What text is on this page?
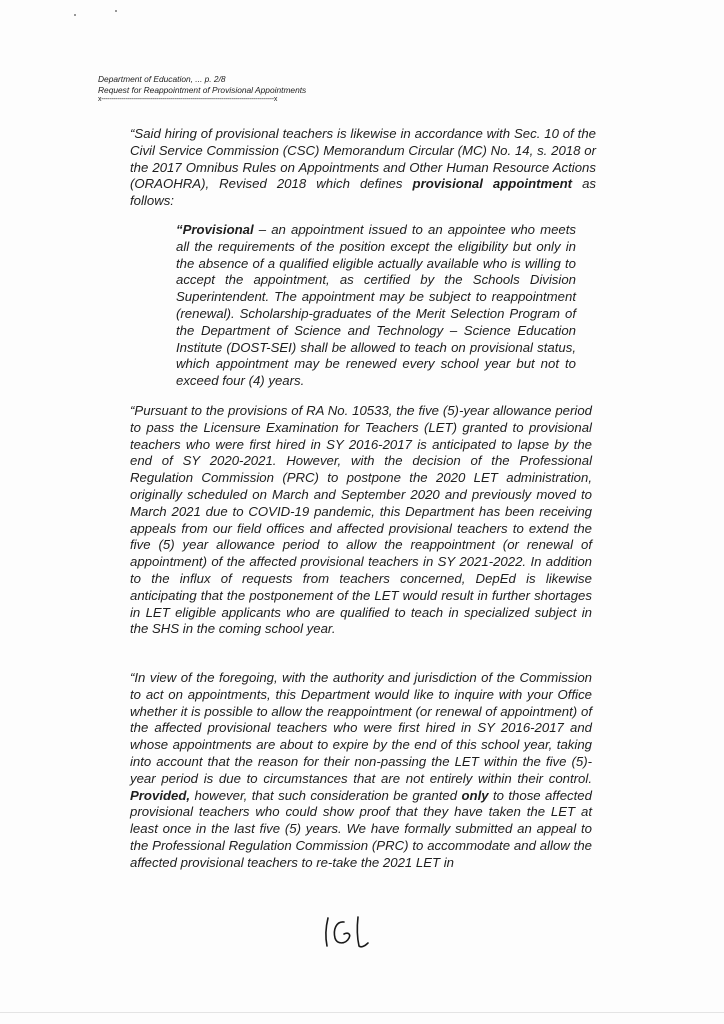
Department of Education, ... p. 2/8
Request for Reappointment of Provisional Appointments
x-------------------------------------------------------------------------------------x
“Said hiring of provisional teachers is likewise in accordance with Sec. 10 of the Civil Service Commission (CSC) Memorandum Circular (MC) No. 14, s. 2018 or the 2017 Omnibus Rules on Appointments and Other Human Resource Actions (ORAOHRA), Revised 2018 which defines provisional appointment as follows:
“Provisional – an appointment issued to an appointee who meets all the requirements of the position except the eligibility but only in the absence of a qualified eligible actually available who is willing to accept the appointment, as certified by the Schools Division Superintendent. The appointment may be subject to reappointment (renewal). Scholarship-graduates of the Merit Selection Program of the Department of Science and Technology – Science Education Institute (DOST-SEI) shall be allowed to teach on provisional status, which appointment may be renewed every school year but not to exceed four (4) years.
“Pursuant to the provisions of RA No. 10533, the five (5)-year allowance period to pass the Licensure Examination for Teachers (LET) granted to provisional teachers who were first hired in SY 2016-2017 is anticipated to lapse by the end of SY 2020-2021. However, with the decision of the Professional Regulation Commission (PRC) to postpone the 2020 LET administration, originally scheduled on March and September 2020 and previously moved to March 2021 due to COVID-19 pandemic, this Department has been receiving appeals from our field offices and affected provisional teachers to extend the five (5) year allowance period to allow the reappointment (or renewal of appointment) of the affected provisional teachers in SY 2021-2022. In addition to the influx of requests from teachers concerned, DepEd is likewise anticipating that the postponement of the LET would result in further shortages in LET eligible applicants who are qualified to teach in specialized subject in the SHS in the coming school year.
“In view of the foregoing, with the authority and jurisdiction of the Commission to act on appointments, this Department would like to inquire with your Office whether it is possible to allow the reappointment (or renewal of appointment) of the affected provisional teachers who were first hired in SY 2016-2017 and whose appointments are about to expire by the end of this school year, taking into account that the reason for their non-passing the LET within the five (5)-year period is due to circumstances that are not entirely within their control. Provided, however, that such consideration be granted only to those affected provisional teachers who could show proof that they have taken the LET at least once in the last five (5) years. We have formally submitted an appeal to the Professional Regulation Commission (PRC) to accommodate and allow the affected provisional teachers to re-take the 2021 LET in
